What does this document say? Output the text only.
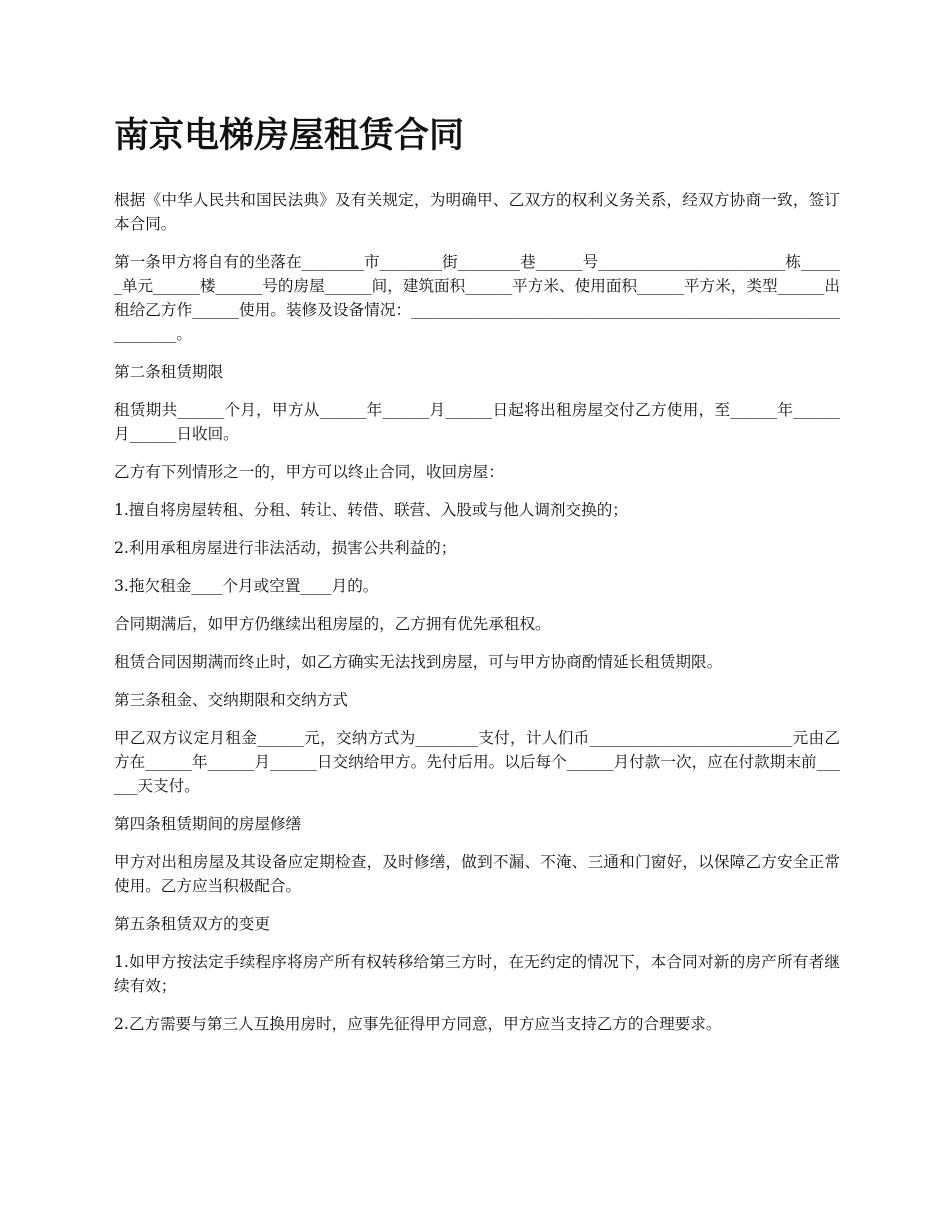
南京电梯房屋租赁合同

根据《中华人民共和国民法典》及有关规定，为明确甲、乙双方的权利义务关系，经双方协商一致，签订本合同。

第一条甲方将自有的坐落在________市________街________巷______号________________________栋______单元______楼______号的房屋______间，建筑面积______平方米、使用面积______平方米，类型______出租给乙方作______使用。装修及设备情况：_______________________________________________________________。

第二条租赁期限

租赁期共______个月，甲方从______年______月______日起将出租房屋交付乙方使用，至______年______月______日收回。

乙方有下列情形之一的，甲方可以终止合同，收回房屋：

1.擅自将房屋转租、分租、转让、转借、联营、入股或与他人调剂交换的；

2.利用承租房屋进行非法活动，损害公共利益的；

3.拖欠租金____个月或空置____月的。

合同期满后，如甲方仍继续出租房屋的，乙方拥有优先承租权。

租赁合同因期满而终止时，如乙方确实无法找到房屋，可与甲方协商酌情延长租赁期限。

第三条租金、交纳期限和交纳方式

甲乙双方议定月租金______元，交纳方式为________支付，计人们币__________________________元由乙方在______年______月______日交纳给甲方。先付后用。以后每个______月付款一次，应在付款期末前______天支付。

第四条租赁期间的房屋修缮

甲方对出租房屋及其设备应定期检查，及时修缮，做到不漏、不淹、三通和门窗好，以保障乙方安全正常使用。乙方应当积极配合。

第五条租赁双方的变更

1.如甲方按法定手续程序将房产所有权转移给第三方时，在无约定的情况下，本合同对新的房产所有者继续有效；

2.乙方需要与第三人互换用房时，应事先征得甲方同意，甲方应当支持乙方的合理要求。
